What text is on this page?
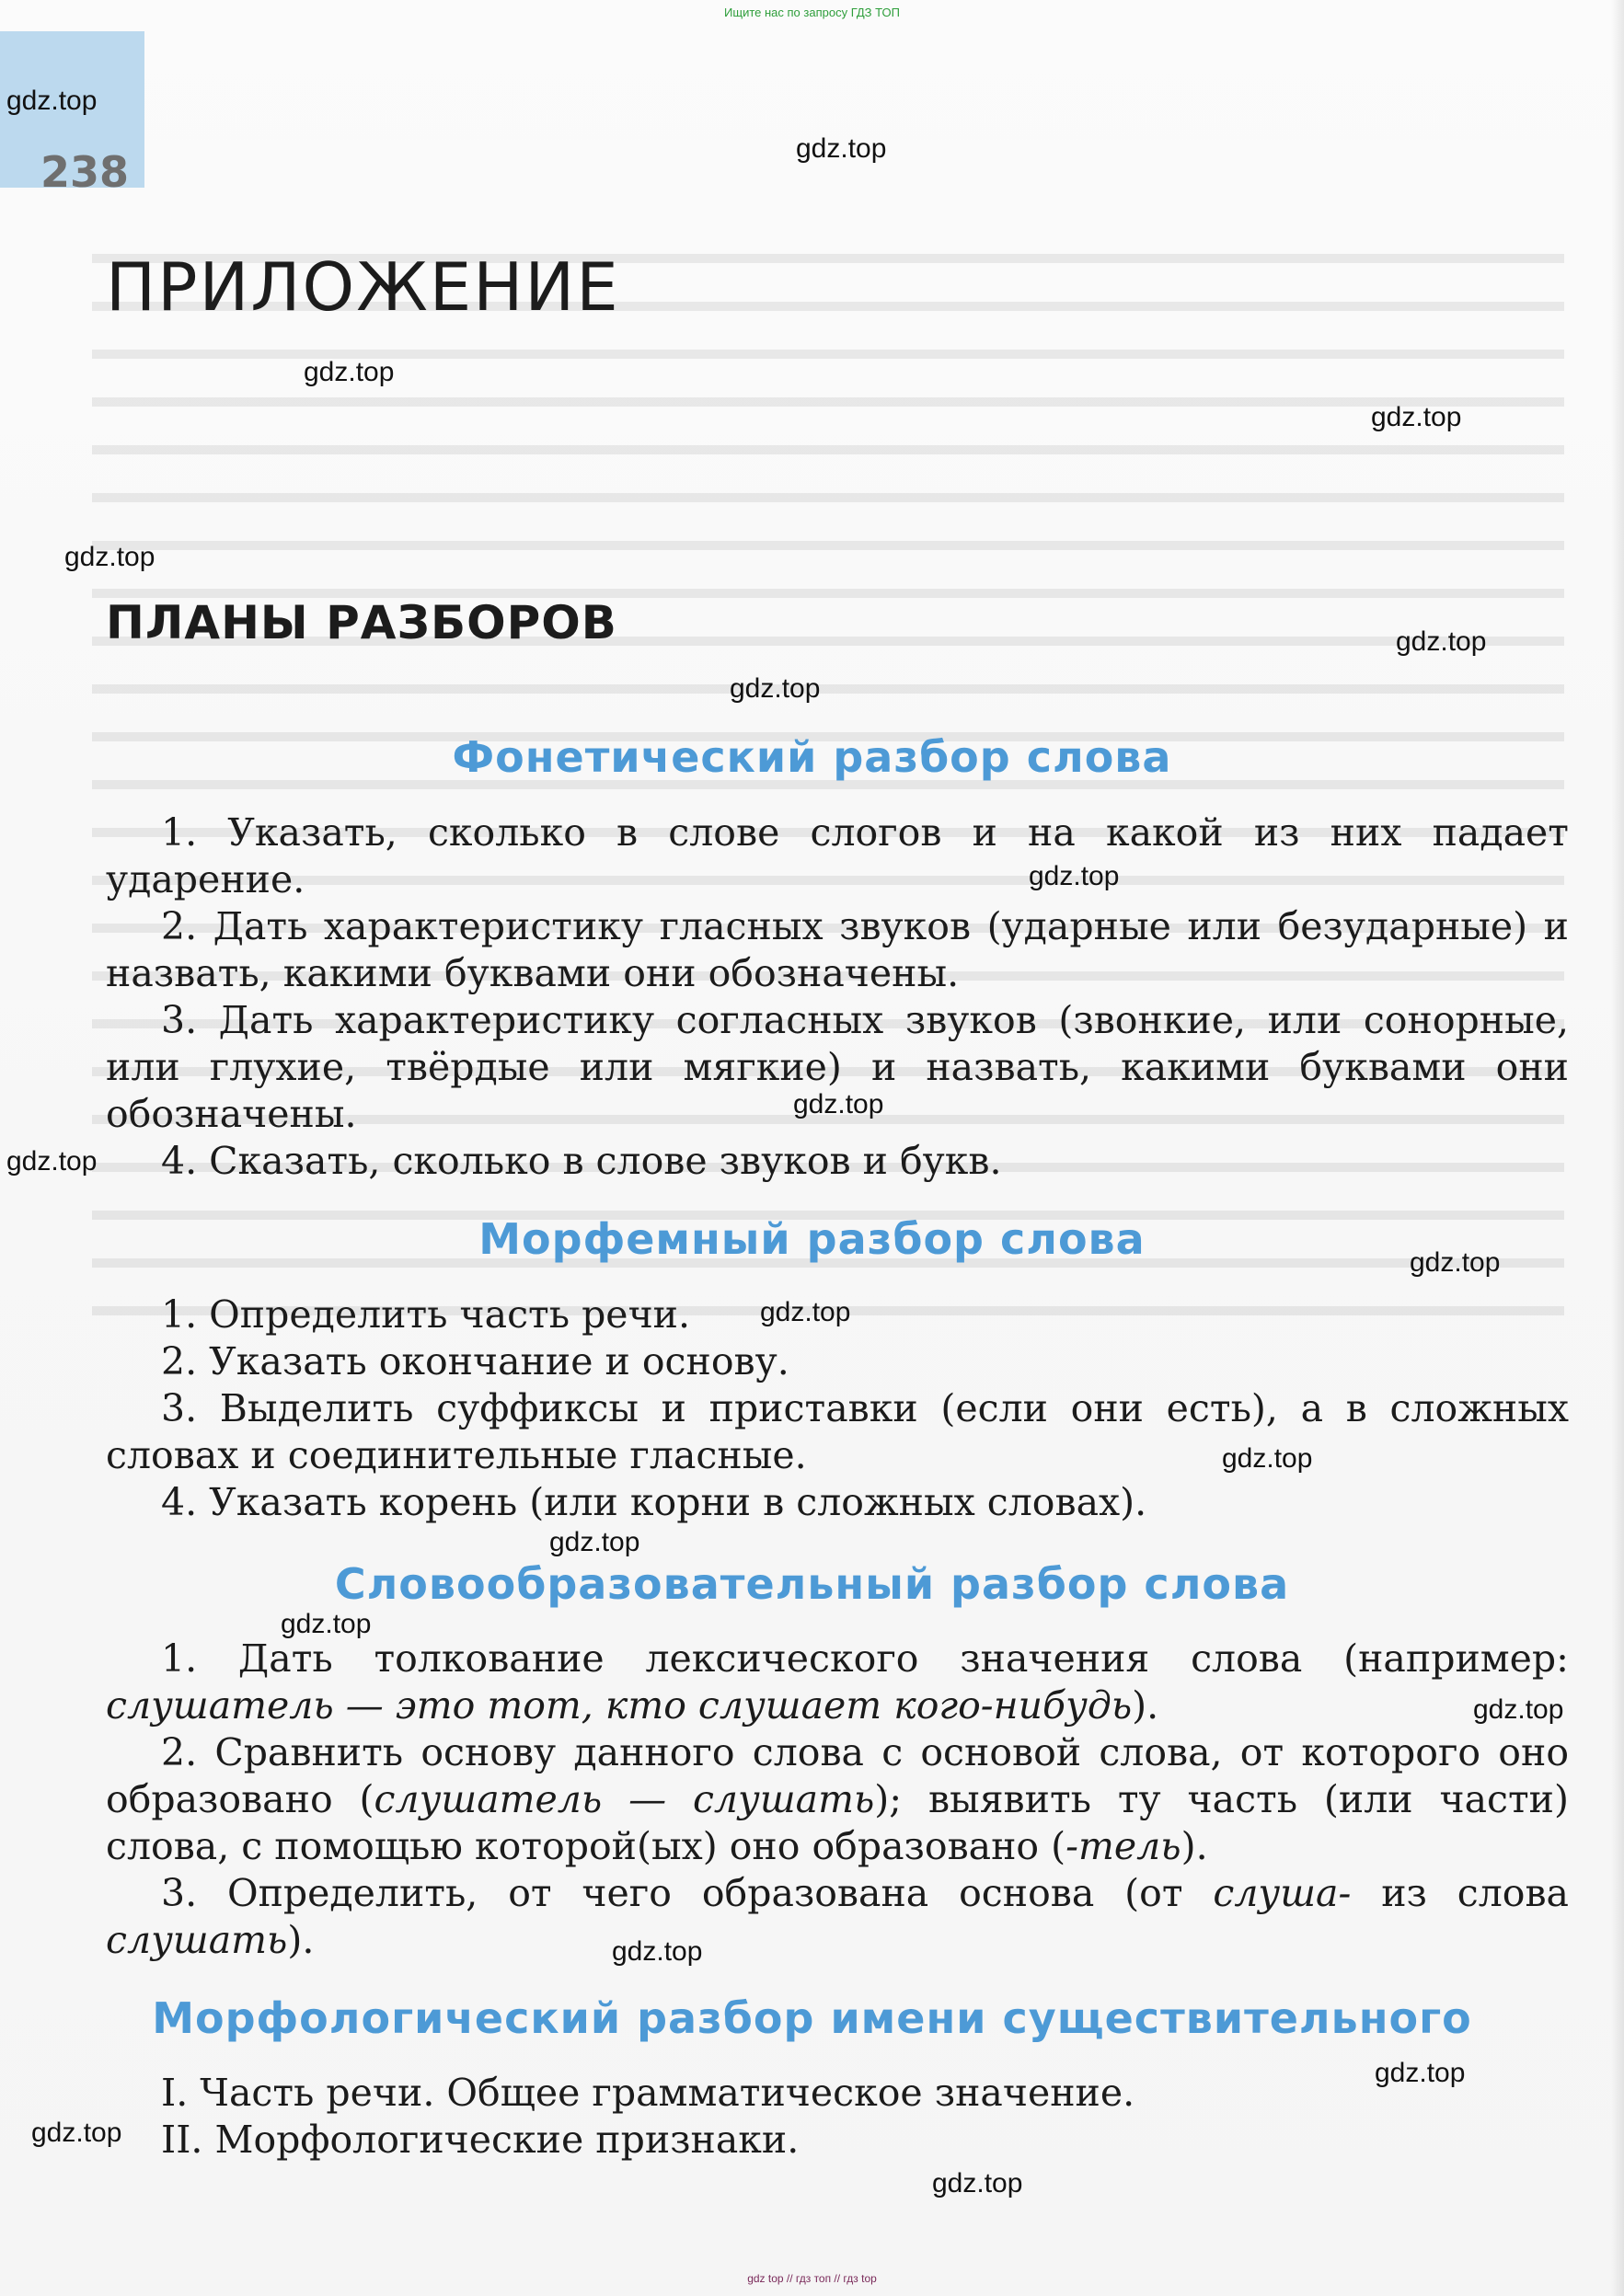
Ищите нас по запросу ГДЗ ТОП
238
ПРИЛОЖЕНИЕ
ПЛАНЫ РАЗБОРОВ
Фонетический разбор слова

1. Указать, сколько в слове слогов и на какой из них падает ударение.

2. Дать характеристику гласных звуков (ударные или безударные) и назвать, какими буквами они обозначены.

3. Дать характеристику согласных звуков (звонкие, или сонорные, или глухие, твёрдые или мягкие) и назвать, какими буквами они обозначены.

4. Сказать, сколько в слове звуков и букв.

Морфемный разбор слова

1. Определить часть речи.

2. Указать окончание и основу.

3. Выделить суффиксы и приставки (если они есть), а в сложных словах и соединительные гласные.

4. Указать корень (или корни в сложных словах).

Словообразовательный разбор слова

1. Дать толкование лексического значения слова (например: слушатель — это тот, кто слушает кого-нибудь).

2. Сравнить основу данного слова с основой слова, от которого оно образовано (слушатель — слушать); выявить ту часть (или части) слова, с помощью которой(ых) оно образовано (-тель).

3. Определить, от чего образована основа (от слуша- из слова слушать).

Морфологический разбор имени существительного

I. Часть речи. Общее грамматическое значение.

II. Морфологические признаки.

gdz.top
gdz.top
gdz.top
gdz.top
gdz.top
gdz.top
gdz.top
gdz.top
gdz.top
gdz.top
gdz.top
gdz.top
gdz.top
gdz.top
gdz.top
gdz.top
gdz.top
gdz.top
gdz.top
gdz.top
gdz top // гдз топ // гдз top
